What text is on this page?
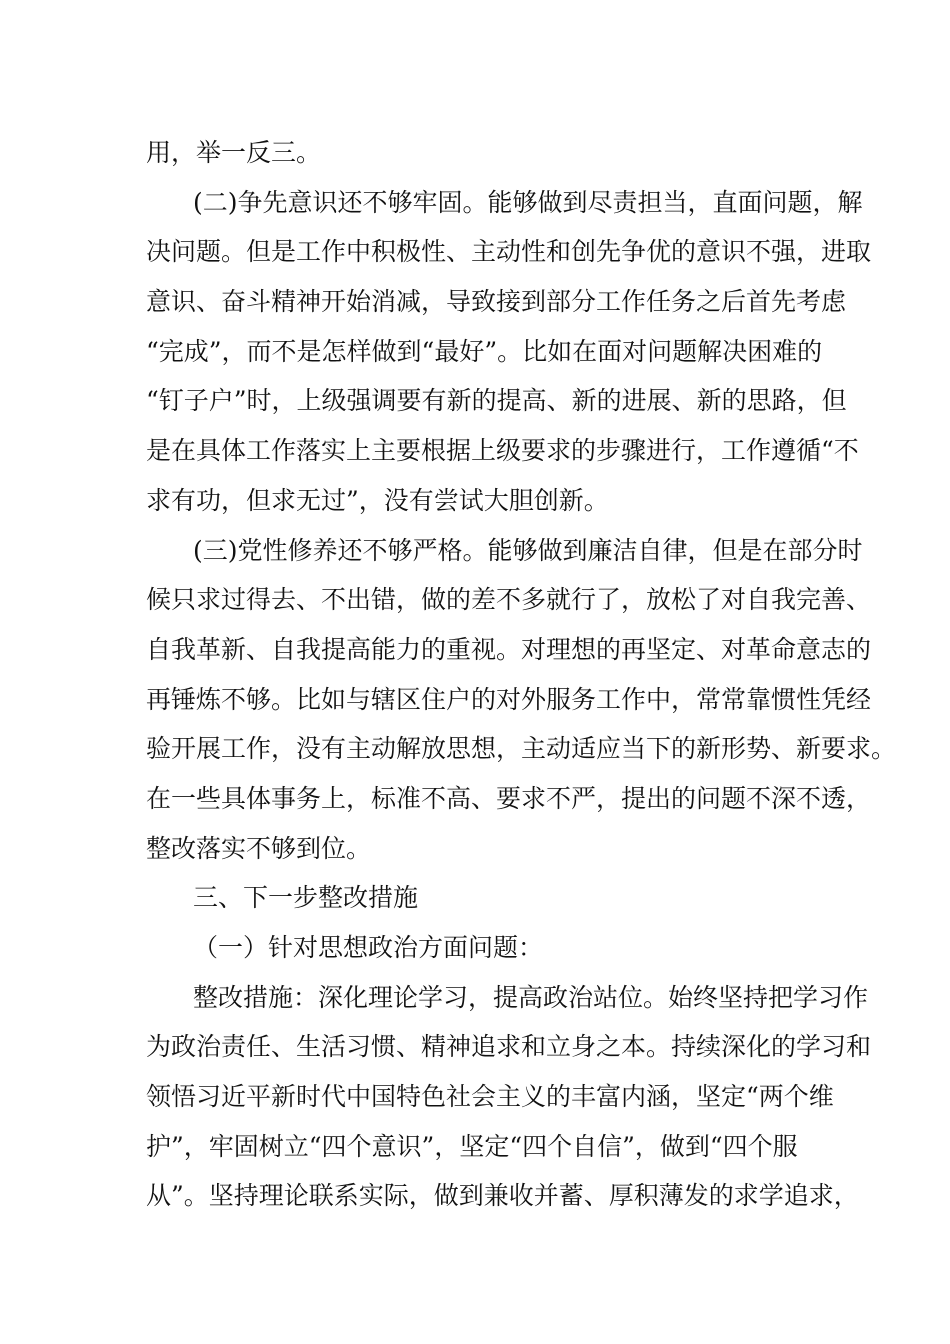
用，举一反三。
(二)争先意识还不够牢固。能够做到尽责担当，直面问题，解
决问题。但是工作中积极性、主动性和创先争优的意识不强，进取
意识、奋斗精神开始消减，导致接到部分工作任务之后首先考虑
“完成”，而不是怎样做到“最好”。比如在面对问题解决困难的
“钉子户”时，上级强调要有新的提高、新的进展、新的思路，但
是在具体工作落实上主要根据上级要求的步骤进行，工作遵循“不
求有功，但求无过”，没有尝试大胆创新。
(三)党性修养还不够严格。能够做到廉洁自律，但是在部分时
候只求过得去、不出错，做的差不多就行了，放松了对自我完善、
自我革新、自我提高能力的重视。对理想的再坚定、对革命意志的
再锤炼不够。比如与辖区住户的对外服务工作中，常常靠惯性凭经
验开展工作，没有主动解放思想，主动适应当下的新形势、新要求。
在一些具体事务上，标准不高、要求不严，提出的问题不深不透，
整改落实不够到位。
三、下一步整改措施
（一）针对思想政治方面问题：
整改措施：深化理论学习，提高政治站位。始终坚持把学习作
为政治责任、生活习惯、精神追求和立身之本。持续深化的学习和
领悟习近平新时代中国特色社会主义的丰富内涵，坚定“两个维
护”，牢固树立“四个意识”，坚定“四个自信”，做到“四个服
从”。坚持理论联系实际，做到兼收并蓄、厚积薄发的求学追求，
